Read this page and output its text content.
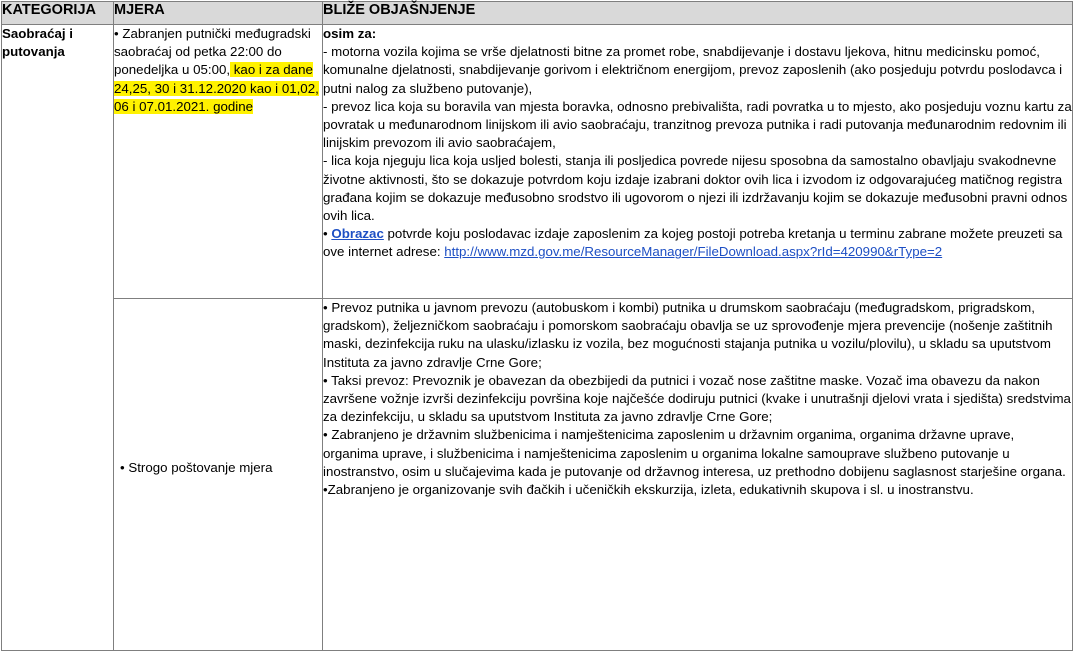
KATEGORIJA	MJERA	BLIŽE OBJAŠNJENJE
Saobraćaj i putovanja	• Zabranjen putnički međugradski saobraćaj od petka 22:00 do ponedeljka u 05:00, kao i za dane 24,25, 30 i 31.12.2020 kao i 01,02, 06 i 07.01.2021. godine	osim za:
- motorna vozila kojima se vrše djelatnosti bitne za promet robe, snabdijevanje i dostavu ljekova, hitnu medicinsku pomoć, komunalne djelatnosti, snabdijevanje gorivom i električnom energijom, prevoz zaposlenih (ako posjeduju potvrdu poslodavca i putni nalog za službeno putovanje),
- prevoz lica koja su boravila van mjesta boravka, odnosno prebivališta, radi povratka u to mjesto, ako posjeduju voznu kartu za povratak u međunarodnom linijskom ili avio saobraćaju, tranzitnog prevoza putnika i radi putovanja međunarodnim redovnim ili linijskim prevozom ili avio saobraćajem,
- lica koja njeguju lica koja usljed bolesti, stanja ili posljedica povrede nijesu sposobna da samostalno obavljaju svakodnevne životne aktivnosti, što se dokazuje potvrdom koju izdaje izabrani doktor ovih lica i izvodom iz odgovarajućeg matičnog registra građana kojim se dokazuje međusobno srodstvo ili ugovorom o njezi ili izdržavanju kojim se dokazuje međusobni pravni odnos ovih lica.
• Obrazac potvrde koju poslodavac izdaje zaposlenim za kojeg postoji potreba kretanja u terminu zabrane možete preuzeti sa ove internet adrese: http://www.mzd.gov.me/ResourceManager/FileDownload.aspx?rId=420990&rType=2

	• Strogo poštovanje mjera	• Prevoz putnika u javnom prevozu (autobuskom i kombi) putnika u drumskom saobraćaju (međugradskom, prigradskom, gradskom), željezničkom saobraćaju i pomorskom saobraćaju obavlja se uz sprovođenje mjera prevencije (nošenje zaštitnih maski, dezinfekcija ruku na ulasku/izlasku iz vozila, bez mogućnosti stajanja putnika u vozilu/plovilu), u skladu sa uputstvom Instituta za javno zdravlje Crne Gore;
• Taksi prevoz: Prevoznik je obavezan da obezbijedi da putnici i vozač nose zaštitne maske. Vozač ima obavezu da nakon završene vožnje izvrši dezinfekciju površina koje najčešće dodiruju putnici (kvake i unutrašnji djelovi vrata i sjedišta) sredstvima za dezinfekciju, u skladu sa uputstvom Instituta za javno zdravlje Crne Gore;
• Zabranjeno je državnim službenicima i namještenicima zaposlenim u državnim organima, organima državne uprave, organima uprave, i službenicima i namještenicima zaposlenim u organima lokalne samouprave službeno putovanje u inostranstvo, osim u slučajevima kada je putovanje od državnog interesa, uz prethodno dobijenu saglasnost starješine organa.
•Zabranjeno je organizovanje svih đačkih i učeničkih ekskurzija, izleta, edukativnih skupova i sl. u inostranstvu.
